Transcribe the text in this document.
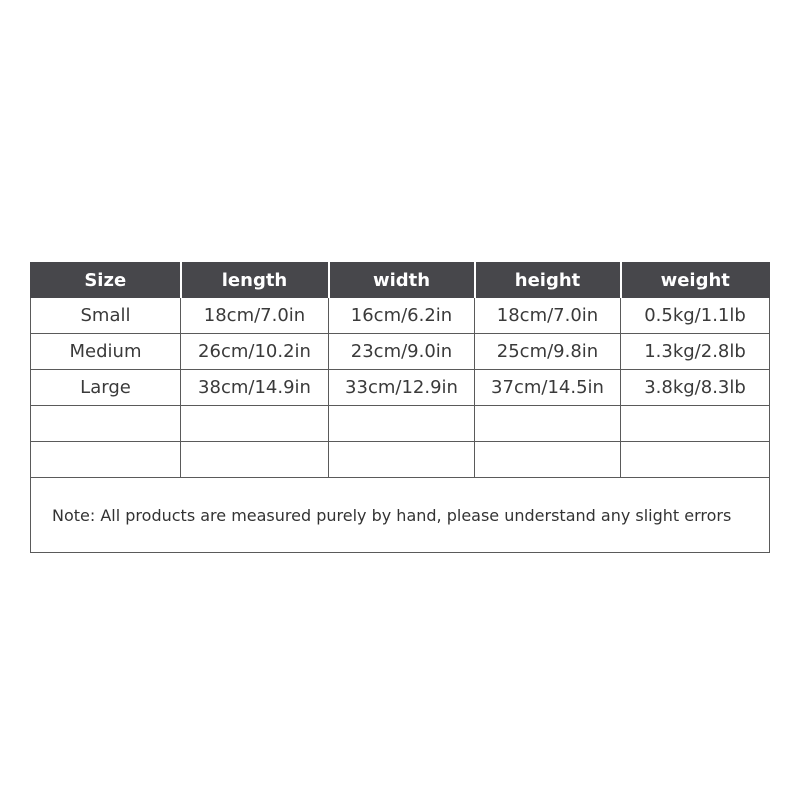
Size	length	width	height	weight
Small	18cm/7.0in	16cm/6.2in	18cm/7.0in	0.5kg/1.1lb
Medium	26cm/10.2in	23cm/9.0in	25cm/9.8in	1.3kg/2.8lb
Large	38cm/14.9in	33cm/12.9in	37cm/14.5in	3.8kg/8.3lb

Note: All products are measured purely by hand, please understand any slight errors				
